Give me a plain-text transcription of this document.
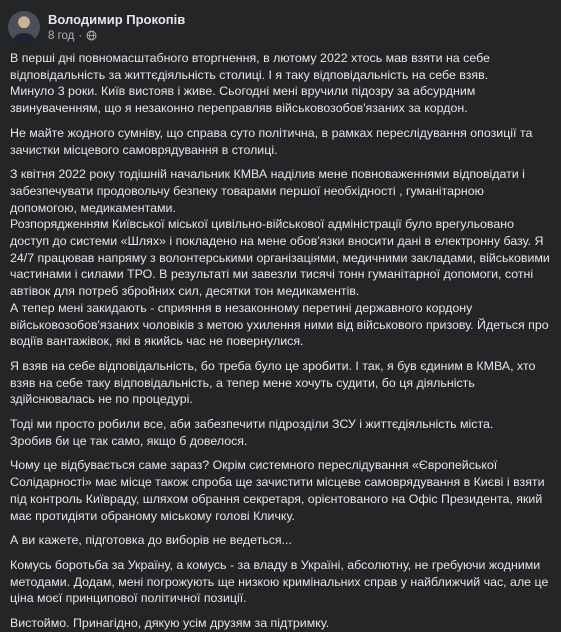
Володимир Прокопів
8 год ·

В перші дні повномасштабного вторгнення, в лютому 2022 хтось мав взяти на себе відповідальність за життєдіяльність столиці. І я таку відповідальність на себе взяв.
Минуло 3 роки. Київ вистояв і живе. Сьогодні мені вручили підозру за абсурдним звинуваченням, що я незаконно переправляв військовозобов'язаних за кордон.

Не майте жодного сумніву, що справа суто політична, в рамках переслідування опозиції та зачистки місцевого самоврядування в столиці.

З квітня 2022 року тодішній начальник КМВА наділив мене повноваженнями відповідати і забезпечувати продовольчу безпеку товарами першої необхідності , гуманітарною допомогою, медикаментами.
Розпорядженням Київської міської цивільно-військової адміністрації було врегульовано доступ до системи «Шлях» і покладено на мене обов'язки вносити дані в електронну базу. Я 24/7 працював напряму з волонтерськими організаціями, медичними закладами, військовими частинами і силами ТРО. В результаті ми завезли тисячі тонн гуманітарної допомоги, сотні автівок для потреб збройних сил, десятки тон медикаментів.
А тепер мені закидають - сприяння в незаконному перетині державного кордону військовозобов'язаних чоловіків з метою ухилення ними від військового призову. Йдеться про водіїв вантажівок, які в якийсь час не повернулися.

Я взяв на себе відповідальність, бо треба було це зробити. І так, я був єдиним в КМВА, хто взяв на себе таку відповідальність, а тепер мене хочуть судити, бо ця діяльність здійснювалась не по процедурі.

Тоді ми просто робили все, аби забезпечити підрозділи ЗСУ і життєдіяльність міста.
Зробив би це так само, якщо б довелося.

Чому це відбувається саме зараз? Окрім системного переслідування «Європейської Солідарності» має місце також спроба ще зачистити місцеве самоврядування в Києві і взяти під контроль Київраду, шляхом обрання секретаря, орієнтованого на Офіс Президента, який має протидіяти обраному міському голові Кличку.

А ви кажете, підготовка до виборів не ведеться...

Комусь боротьба за Україну, а комусь - за владу в Україні, абсолютну, не гребуючи жодними методами. Додам, мені погрожують ще низкою кримінальних справ у найближчий час, але це ціна моєї принципової політичної позиції.

Вистоймо. Принагідно, дякую усім друзям за підтримку.
